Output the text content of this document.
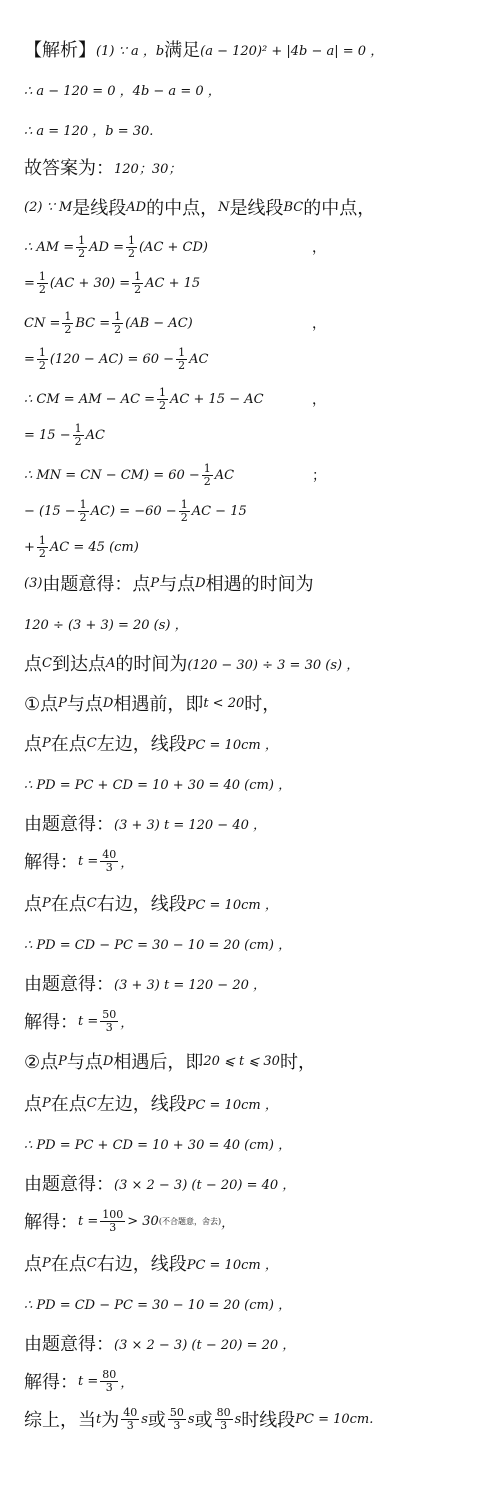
【解析】 (1) ∵ a ，b 满足 (a − 120)² + |4b − a| = 0 ，
∴ a − 120 = 0 ，4b − a = 0 ，
∴ a = 120 ，b = 30.
故答案为： 120；30；
(2) ∵ M 是线段 AD 的中点， N 是线段 BC 的中点，
∴ AM = $\frac{1}{2}$ AD = $\frac{1}{2} (AC + CD)$	，
= $\frac{1}{2} (AC + 30) = \frac{1}{2}$ AC + 15
CN = $\frac{1}{2}$ BC = $\frac{1}{2} (AB - AC)$	，
= $\frac{1}{2} (120 - AC) = 60 - \frac{1}{2}$ AC
∴ CM = AM − AC = $\frac{1}{2}$ AC + 15 − AC	，
= $15 - \frac{1}{2}$ AC
∴ MN = CN − $CM) = 60 - \frac{1}{2}$ AC	；
− $(15 - \frac{1}{2} AC) = -60 - \frac{1}{2}$ AC − 15
+ $\frac{1}{2}$ AC = 45 (cm)
(3) 由题意得：点 P 与点 D 相遇的时间为
120 ÷ (3 + 3) = 20 (s) ，
点 C 到达点 A 的时间为 (120 − 30) ÷ 3 = 30 (s) ，
①点 P 与点 D 相遇前，即 t < 20 时，
点 P 在点 C 左边，线段 PC = 10cm ，
∴ PD = PC + CD = 10 + 30 = 40 (cm) ，
由题意得： (3 + 3) t = 120 − 40 ，
解得： $t = \frac{40}{3}$ ，
点 P 在点 C 右边，线段 PC = 10cm ，
∴ PD = CD − PC = 30 − 10 = 20 (cm) ，
由题意得： (3 + 3) t = 120 − 20 ，
解得： $t = \frac{50}{3}$ ，
②点 P 与点 D 相遇后，即 20 ⩽ t ⩽ 30 时，
点 P 在点 C 左边，线段 PC = 10cm ，
∴ PD = PC + CD = 10 + 30 = 40 (cm) ，
由题意得： (3 × 2 − 3) (t − 20) = 40 ，
解得： $t = \frac{100}{3} > 30$ (不合题意，舍去) ，
点 P 在点 C 右边，线段 PC = 10cm ，
∴ PD = CD − PC = 30 − 10 = 20 (cm) ，
由题意得： (3 × 2 − 3) (t − 20) = 20 ，
解得： $t = \frac{80}{3}$ ，
综上，当 t 为 $\frac{40}{3}$ s 或 $\frac{50}{3}$ s 或 $\frac{80}{3}$ s 时线段 PC = 10cm.
